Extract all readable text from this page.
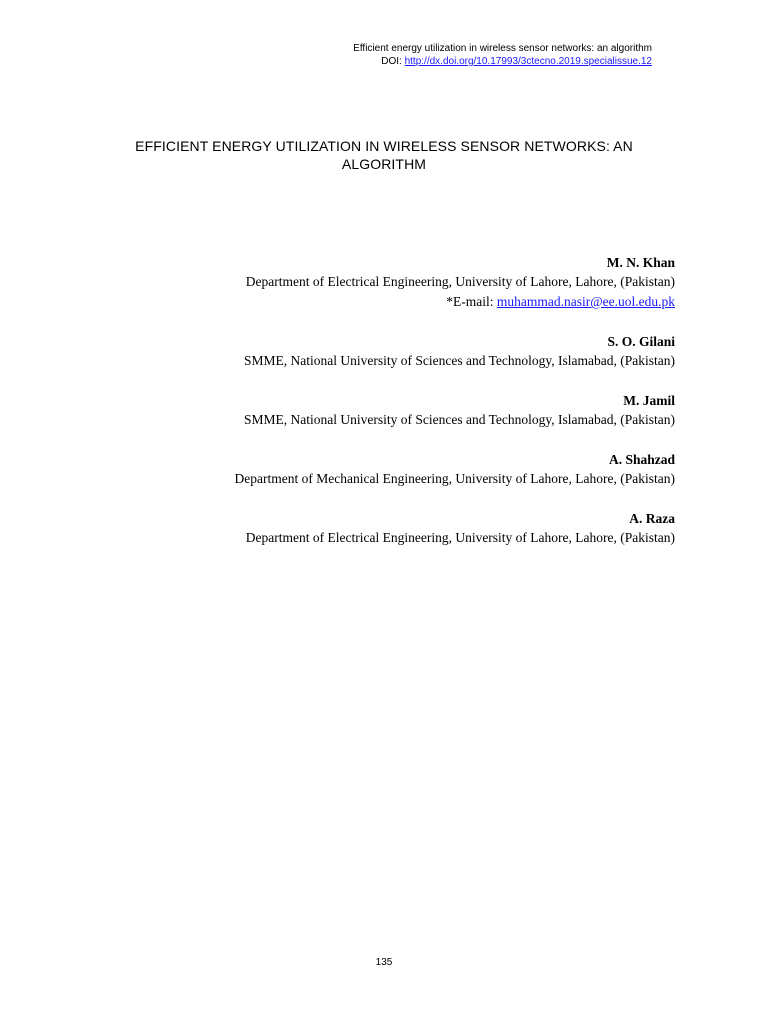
Efficient energy utilization in wireless sensor networks: an algorithm
DOI: http://dx.doi.org/10.17993/3ctecno.2019.specialissue.12
EFFICIENT ENERGY UTILIZATION IN WIRELESS SENSOR NETWORKS: AN ALGORITHM
M. N. Khan
Department of Electrical Engineering, University of Lahore, Lahore, (Pakistan)
*E-mail: muhammad.nasir@ee.uol.edu.pk
S. O. Gilani
SMME, National University of Sciences and Technology, Islamabad, (Pakistan)
M. Jamil
SMME, National University of Sciences and Technology, Islamabad, (Pakistan)
A. Shahzad
Department of Mechanical Engineering, University of Lahore, Lahore, (Pakistan)
A. Raza
Department of Electrical Engineering, University of Lahore, Lahore, (Pakistan)
135
